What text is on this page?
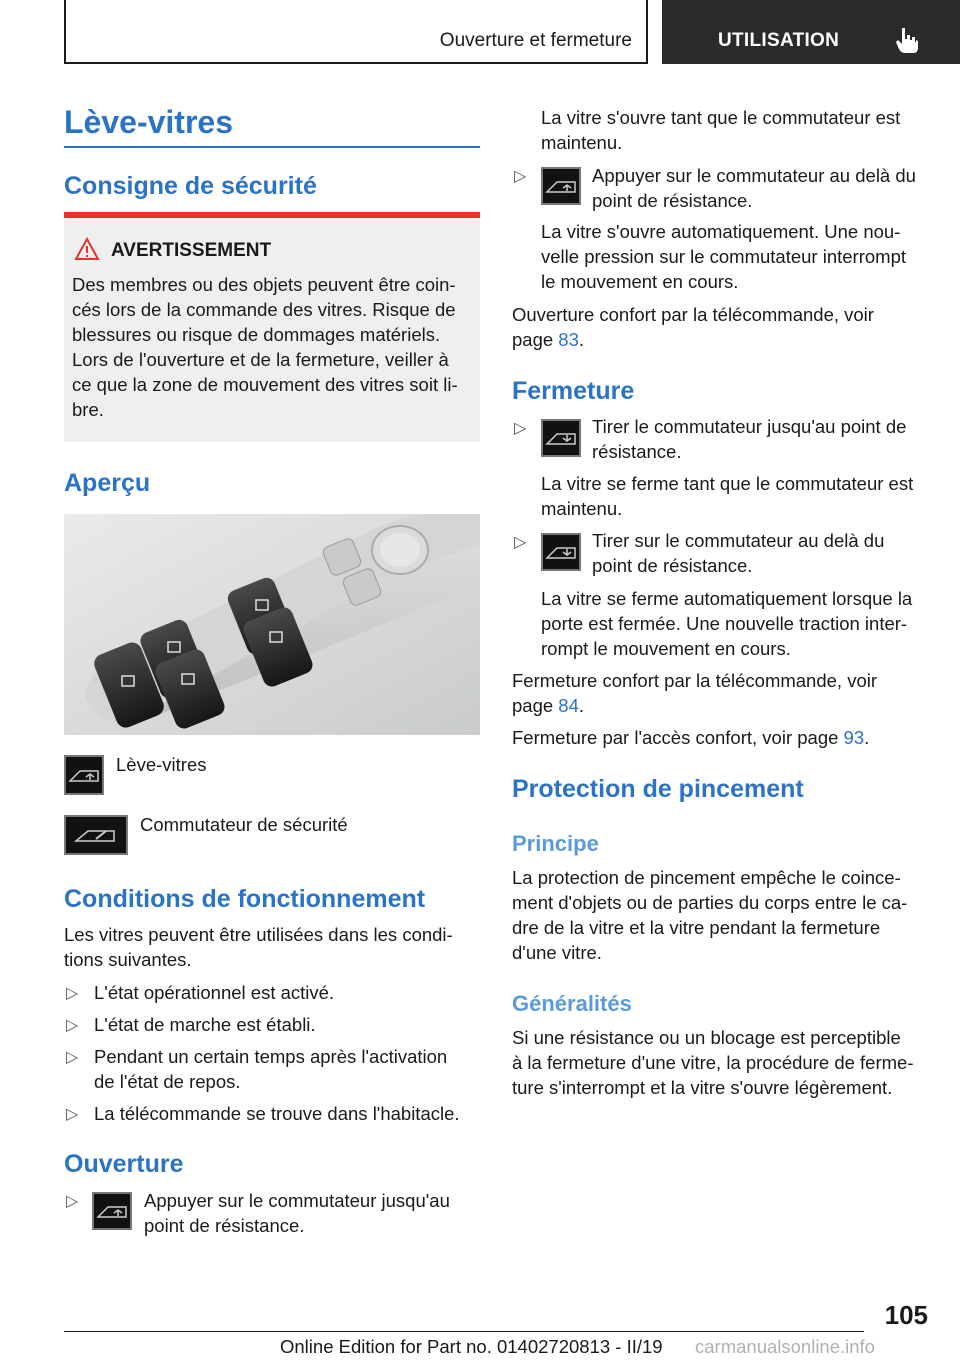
Ouverture et fermeture	UTILISATION
Lève-vitres
Consigne de sécurité
AVERTISSEMENT
Des membres ou des objets peuvent être coin-
cés lors de la commande des vitres. Risque de
blessures ou risque de dommages matériels.
Lors de l'ouverture et de la fermeture, veiller à
ce que la zone de mouvement des vitres soit li-
bre.
Aperçu
Lève-vitres
Commutateur de sécurité
Conditions de fonctionnement
Les vitres peuvent être utilisées dans les condi-
tions suivantes.
▷ L'état opérationnel est activé.
▷ L'état de marche est établi.
▷ Pendant un certain temps après l'activation
de l'état de repos.
▷ La télécommande se trouve dans l'habitacle.
Ouverture
▷	Appuyer sur le commutateur jusqu'au
point de résistance.
La vitre s'ouvre tant que le commutateur est
maintenu.
▷	Appuyer sur le commutateur au delà du
point de résistance.
La vitre s'ouvre automatiquement. Une nou-
velle pression sur le commutateur interrompt
le mouvement en cours.
Ouverture confort par la télécommande, voir
page 83.
Fermeture
▷	Tirer le commutateur jusqu'au point de
résistance.
La vitre se ferme tant que le commutateur est
maintenu.
▷	Tirer sur le commutateur au delà du
point de résistance.
La vitre se ferme automatiquement lorsque la
porte est fermée. Une nouvelle traction inter-
rompt le mouvement en cours.
Fermeture confort par la télécommande, voir
page 84.
Fermeture par l'accès confort, voir page 93.
Protection de pincement
Principe
La protection de pincement empêche le coince-
ment d'objets ou de parties du corps entre le ca-
dre de la vitre et la vitre pendant la fermeture
d'une vitre.
Généralités
Si une résistance ou un blocage est perceptible
à la fermeture d'une vitre, la procédure de ferme-
ture s'interrompt et la vitre s'ouvre légèrement.
105
Online Edition for Part no. 01402720813 - II/19 carmanualsonline.info
